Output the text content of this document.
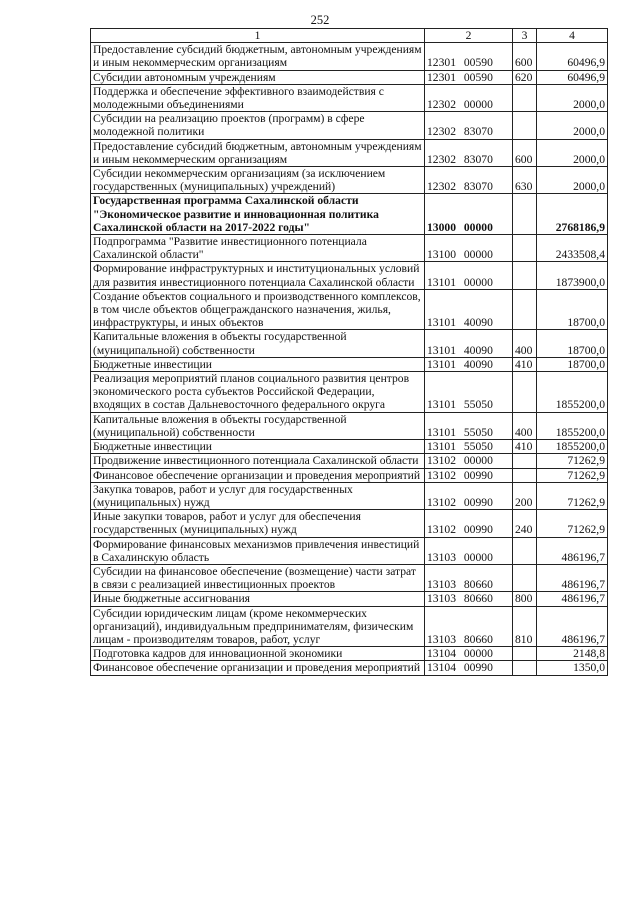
252
1	2	3	4
Предоставление субсидий бюджетным, автономным учреждениям и иным некоммерческим организациям	12301 00590	600	60496,9
Субсидии автономным учреждениям	12301 00590	620	60496,9
Поддержка и обеспечение эффективного взаимодействия с молодежными объединениями	12302 00000		2000,0
Субсидии на реализацию проектов (программ) в сфере молодежной политики	12302 83070		2000,0
Предоставление субсидий бюджетным, автономным учреждениям и иным некоммерческим организациям	12302 83070	600	2000,0
Субсидии некоммерческим организациям (за исключением государственных (муниципальных) учреждений)	12302 83070	630	2000,0
Государственная программа Сахалинской области "Экономическое развитие и инновационная политика Сахалинской области на 2017-2022 годы"	13000 00000		2768186,9
Подпрограмма "Развитие инвестиционного потенциала Сахалинской области"	13100 00000		2433508,4
Формирование инфраструктурных и институциональных условий для развития инвестиционного потенциала Сахалинской области	13101 00000		1873900,0
Создание объектов социального и производственного комплексов, в том числе объектов общегражданского назначения, жилья, инфраструктуры, и иных объектов	13101 40090		18700,0
Капитальные вложения в объекты государственной (муниципальной) собственности	13101 40090	400	18700,0
Бюджетные инвестиции	13101 40090	410	18700,0
Реализация мероприятий планов социального развития центров экономического роста субъектов Российской Федерации, входящих в состав Дальневосточного федерального округа	13101 55050		1855200,0
Капитальные вложения в объекты государственной (муниципальной) собственности	13101 55050	400	1855200,0
Бюджетные инвестиции	13101 55050	410	1855200,0
Продвижение инвестиционного потенциала Сахалинской области	13102 00000		71262,9
Финансовое обеспечение организации и проведения мероприятий	13102 00990		71262,9
Закупка товаров, работ и услуг для государственных (муниципальных) нужд	13102 00990	200	71262,9
Иные закупки товаров, работ и услуг для обеспечения государственных (муниципальных) нужд	13102 00990	240	71262,9
Формирование финансовых механизмов привлечения инвестиций в Сахалинскую область	13103 00000		486196,7
Субсидии на финансовое обеспечение (возмещение) части затрат в связи с реализацией инвестиционных проектов	13103 80660		486196,7
Иные бюджетные ассигнования	13103 80660	800	486196,7
Субсидии юридическим лицам (кроме некоммерческих организаций), индивидуальным предпринимателям, физическим лицам - производителям товаров, работ, услуг	13103 80660	810	486196,7
Подготовка кадров для инновационной экономики	13104 00000		2148,8
Финансовое обеспечение организации и проведения мероприятий	13104 00990		1350,0
